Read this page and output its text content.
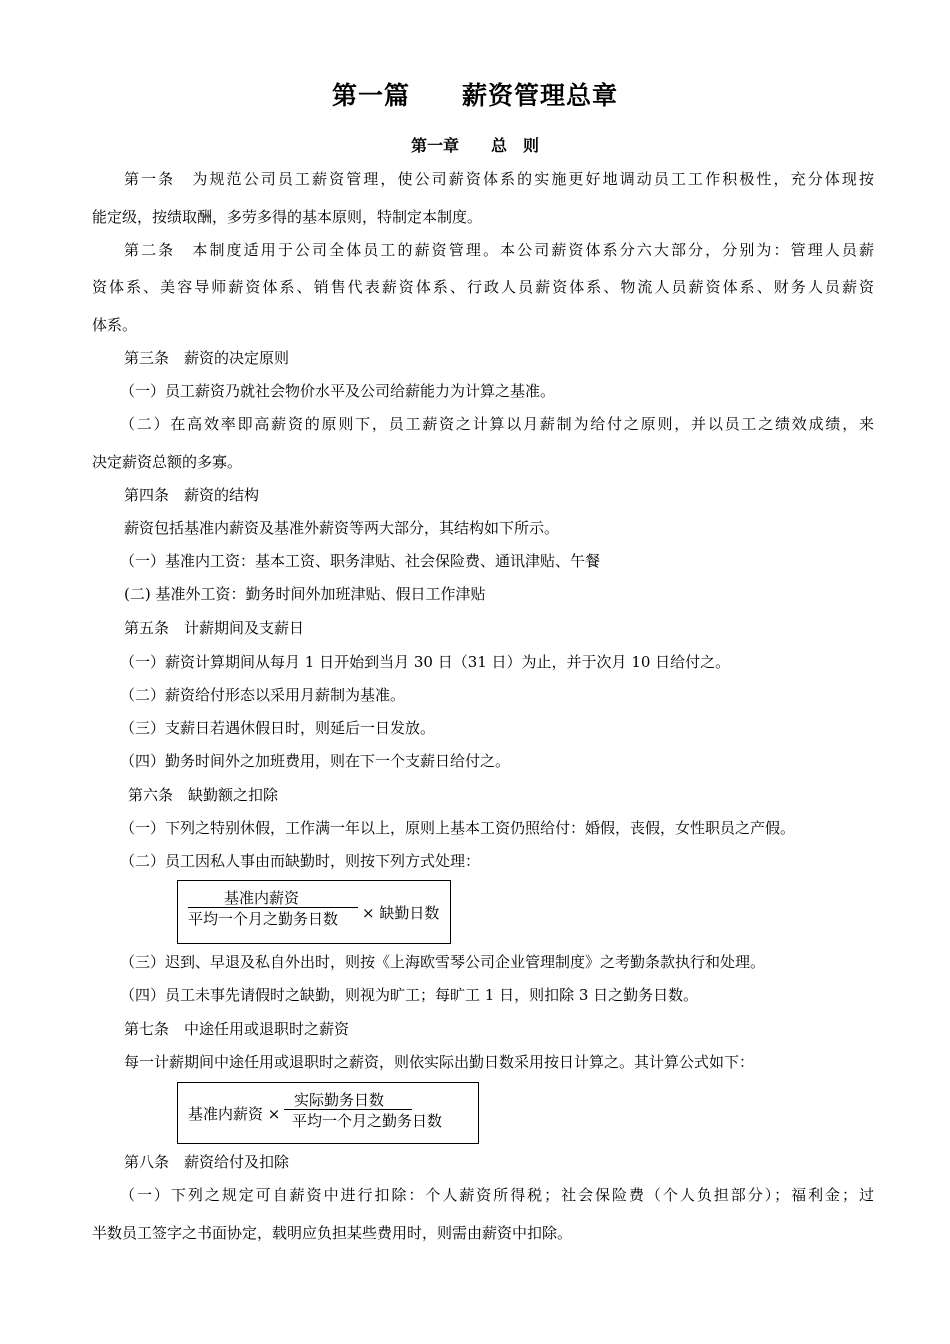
第一篇　　薪资管理总章
第一章　　总　则
第一条　为规范公司员工薪资管理，使公司薪资体系的实施更好地调动员工工作积极性，充分体现按
能定级，按绩取酬，多劳多得的基本原则，特制定本制度。
第二条　本制度适用于公司全体员工的薪资管理。本公司薪资体系分六大部分，分别为：管理人员薪
资体系、美容导师薪资体系、销售代表薪资体系、行政人员薪资体系、物流人员薪资体系、财务人员薪资
体系。
第三条　薪资的决定原则
（一）员工薪资乃就社会物价水平及公司给薪能力为计算之基准。
（二）在高效率即高薪资的原则下，员工薪资之计算以月薪制为给付之原则，并以员工之绩效成绩，来
决定薪资总额的多寡。
第四条　薪资的结构
薪资包括基准内薪资及基准外薪资等两大部分，其结构如下所示。
（一）基准内工资：基本工资、职务津贴、社会保险费、通讯津贴、午餐
(二) 基准外工资：勤务时间外加班津贴、假日工作津贴
第五条　计薪期间及支薪日
（一）薪资计算期间从每月 1 日开始到当月 30 日（31 日）为止，并于次月 10 日给付之。
（二）薪资给付形态以采用月薪制为基准。
（三）支薪日若遇休假日时，则延后一日发放。
（四）勤务时间外之加班费用，则在下一个支薪日给付之。
第六条　缺勤额之扣除
（一）下列之特别休假，工作满一年以上，原则上基本工资仍照给付：婚假，丧假，女性职员之产假。
（二）员工因私人事由而缺勤时，则按下列方式处理：
基准内薪资
平均一个月之勤务日数 × 缺勤日数
（三）迟到、早退及私自外出时，则按《上海欧雪琴公司企业管理制度》之考勤条款执行和处理。
（四）员工未事先请假时之缺勤，则视为旷工；每旷工 1 日，则扣除 3 日之勤务日数。
第七条　中途任用或退职时之薪资
每一计薪期间中途任用或退职时之薪资，则依实际出勤日数采用按日计算之。其计算公式如下：
基准内薪资 ×
实际勤务日数
平均一个月之勤务日数
第八条　薪资给付及扣除
（一）下列之规定可自薪资中进行扣除：个人薪资所得税；社会保险费（个人负担部分）；福利金；过
半数员工签字之书面协定，载明应负担某些费用时，则需由薪资中扣除。
